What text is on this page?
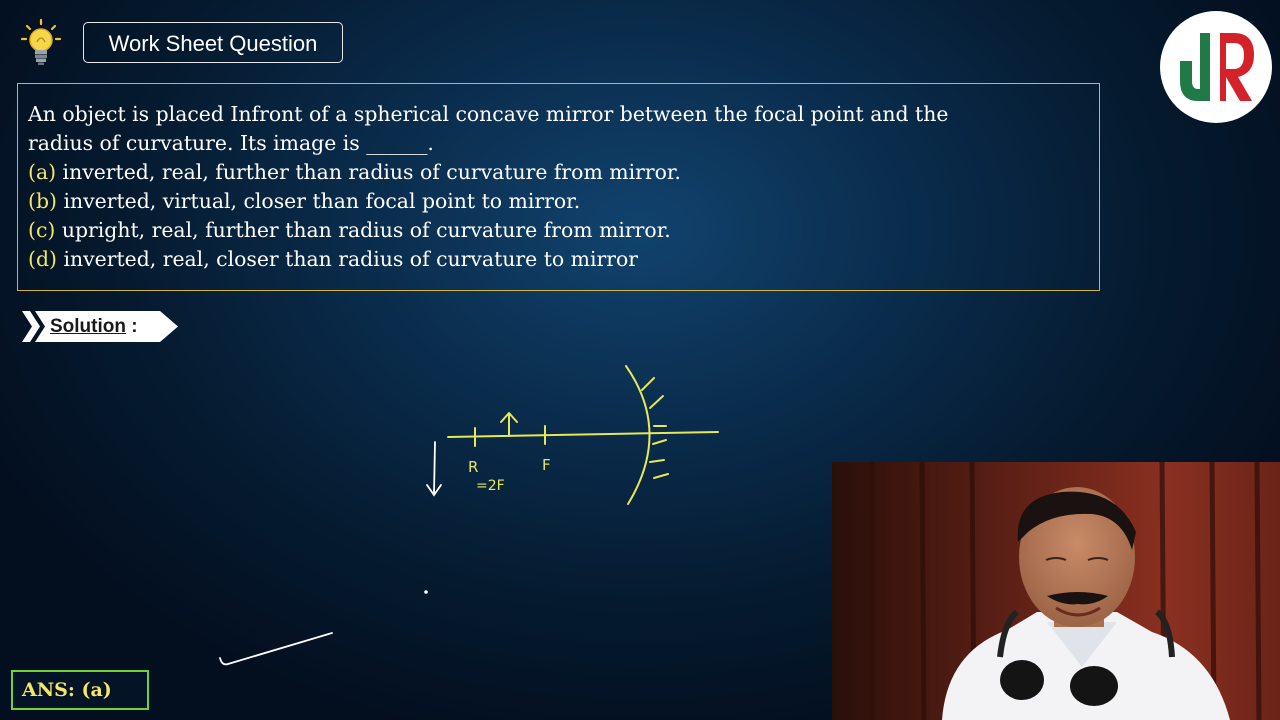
Work Sheet Question
An object is placed Infront of a spherical concave mirror between the focal point and the
radius of curvature. Its image is ______.
(a) inverted, real, further than radius of curvature from mirror.
(b) inverted, virtual, closer than focal point to mirror.
(c) upright, real, further than radius of curvature from mirror.
(d) inverted, real, closer than radius of curvature to mirror
Solution :
R
=2F
F
ANS: (a)
